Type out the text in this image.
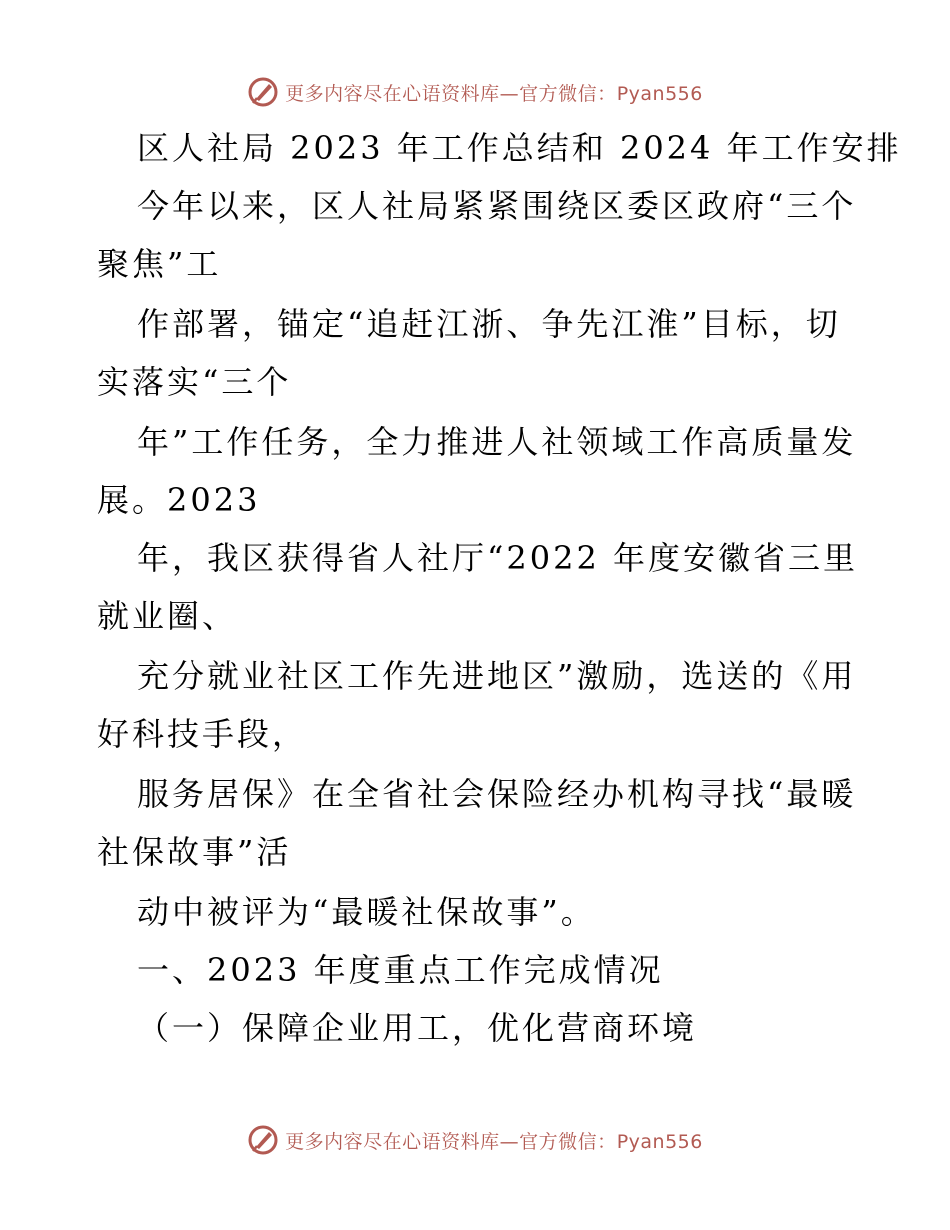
更多内容尽在心语资料库—官方微信：Pyan556
区人社局 2023 年工作总结和 2024 年工作安排
今年以来，区人社局紧紧围绕区委区政府“三个
聚焦”工
作部署，锚定“追赶江浙、争先江淮”目标，切
实落实“三个
年”工作任务，全力推进人社领域工作高质量发
展。2023
年，我区获得省人社厅“2022 年度安徽省三里
就业圈、
充分就业社区工作先进地区”激励，选送的《用
好科技手段，
服务居保》在全省社会保险经办机构寻找“最暖
社保故事”活
动中被评为“最暖社保故事”。
一、2023 年度重点工作完成情况
（一）保障企业用工，优化营商环境
更多内容尽在心语资料库—官方微信：Pyan556
